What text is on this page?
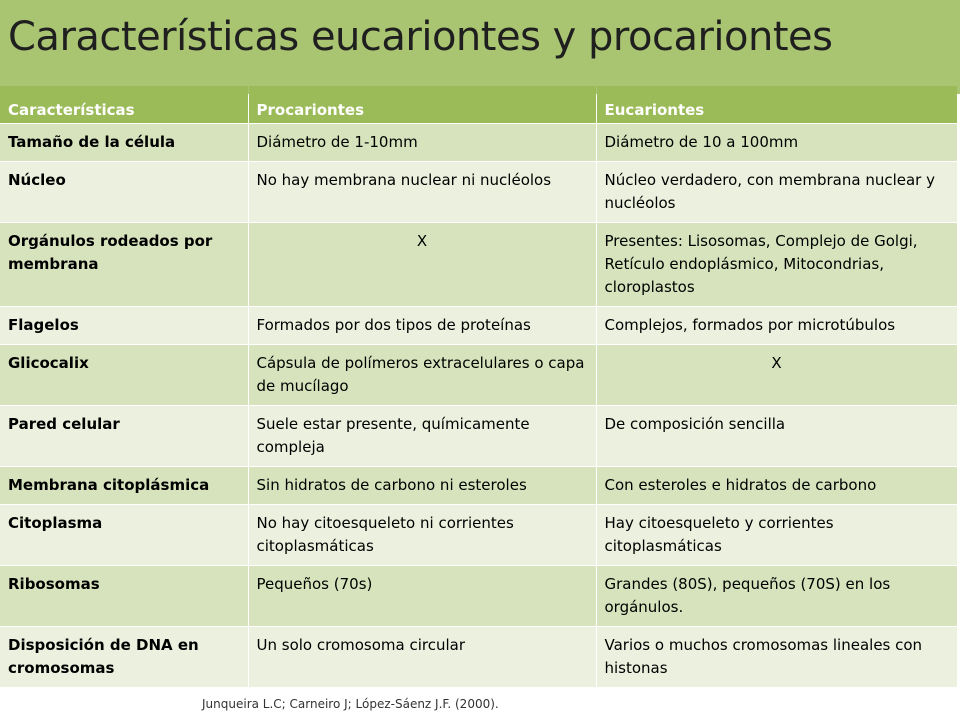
Características	Procariontes	Eucariontes
Tamaño de la célula	Diámetro de 1-10mm	Diámetro de 10 a 100mm
Núcleo	No hay membrana nuclear ni nucléolos	Núcleo verdadero, con membrana nuclear y nucléolos
Orgánulos rodeados por membrana	X	Presentes: Lisosomas, Complejo de Golgi, Retículo endoplásmico, Mitocondrias, cloroplastos
Flagelos	Formados por dos tipos de proteínas	Complejos, formados por microtúbulos
Glicocalix	Cápsula de polímeros extracelulares o capa de mucílago	X
Pared celular	Suele estar presente, químicamente compleja	De composición sencilla
Membrana citoplásmica	Sin hidratos de carbono ni esteroles	Con esteroles e hidratos de carbono
Citoplasma	No hay citoesqueleto ni corrientes citoplasmáticas	Hay citoesqueleto y corrientes citoplasmáticas
Ribosomas	Pequeños (70s)	Grandes (80S), pequeños (70S) en los orgánulos.
Disposición de DNA en cromosomas	Un solo cromosoma circular	Varios o muchos cromosomas lineales con histonas
Características eucariontes y procariontes
Junqueira L.C; Carneiro J; López-Sáenz J.F. (2000).
